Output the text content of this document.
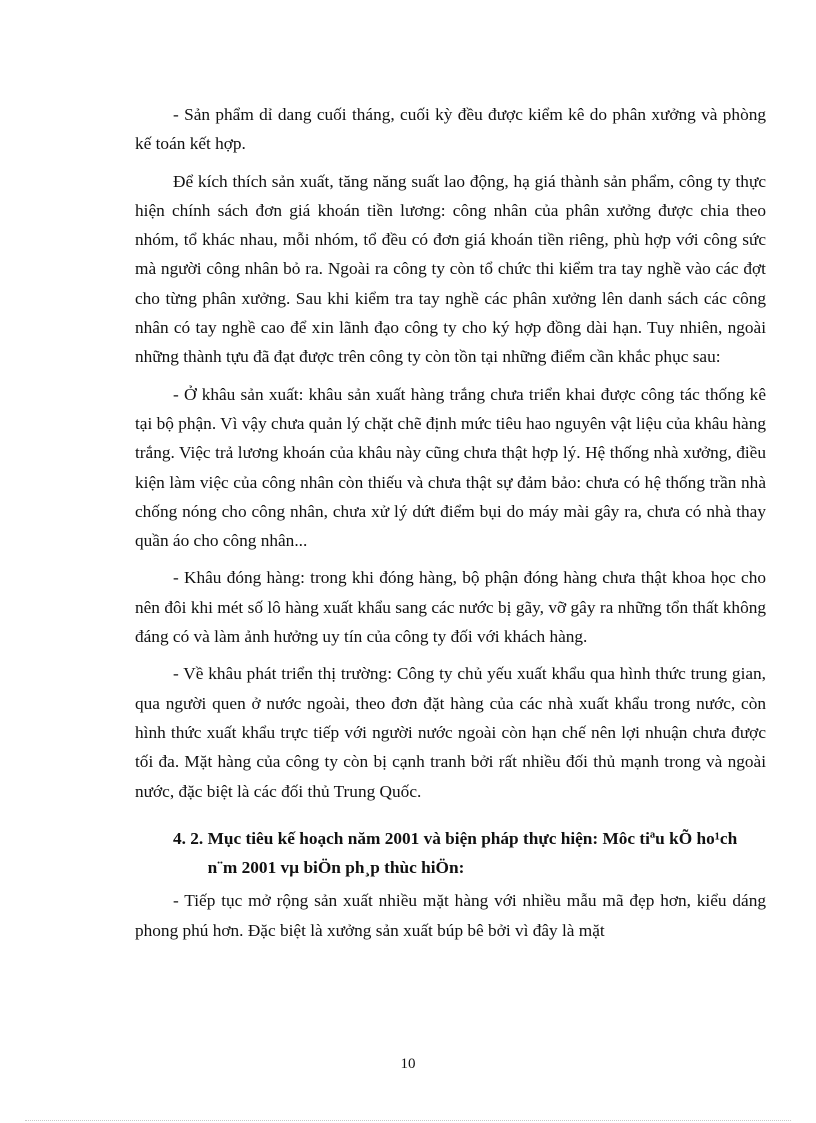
- Sản phẩm dỉ dang cuối tháng, cuối kỳ đều được kiểm kê do phân xưởng và phòng kế toán kết hợp.

Để kích thích sản xuất, tăng năng suất lao động, hạ giá thành sản phẩm, công ty thực hiện chính sách đơn giá khoán tiền lương: công nhân của phân xưởng được chia theo nhóm, tổ khác nhau, mỗi nhóm, tổ đều có đơn giá khoán tiền riêng, phù hợp với công sức mà người công nhân bỏ ra. Ngoài ra công ty còn tổ chức thi kiểm tra tay nghề vào các đợt cho từng phân xưởng. Sau khi kiểm tra tay nghề các phân xưởng lên danh sách các công nhân có tay nghề cao để xin lãnh đạo công ty cho ký hợp đồng dài hạn. Tuy nhiên, ngoài những thành tựu đã đạt được trên công ty còn tồn tại những điểm cần khắc phục sau:

- Ở khâu sản xuất: khâu sản xuất hàng trắng chưa triển khai được công tác thống kê tại bộ phận. Vì vậy chưa quản lý chặt chẽ định mức tiêu hao nguyên vật liệu của khâu hàng trắng. Việc trả lương khoán của khâu này cũng chưa thật hợp lý. Hệ thống nhà xưởng, điều kiện làm việc của công nhân còn thiếu và chưa thật sự đảm bảo: chưa có hệ thống trần nhà chống nóng cho công nhân, chưa xử lý dứt điểm bụi do máy mài gây ra, chưa có nhà thay quần áo cho công nhân...

- Khâu đóng hàng: trong khi đóng hàng, bộ phận đóng hàng chưa thật khoa học cho nên đôi khi mét số lô hàng xuất khẩu sang các nước bị gãy, vỡ gây ra những tổn thất không đáng có và làm ảnh hưởng uy tín của công ty đối với khách hàng.

- Về khâu phát triển thị trường: Công ty chủ yếu xuất khẩu qua hình thức trung gian, qua người quen ở nước ngoài, theo đơn đặt hàng của các nhà xuất khẩu trong nước, còn hình thức xuất khẩu trực tiếp với người nước ngoài còn hạn chế nên lợi nhuận chưa được tối đa. Mặt hàng của công ty còn bị cạnh tranh bởi rất nhiều đối thủ mạnh trong và ngoài nước, đặc biệt là các đối thủ Trung Quốc.

4. 2. Mục tiêu kế hoạch năm 2001 và biện pháp thực hiện: Môc tiªu kÕ ho¹ch n¨m 2001 vµ biÖn ph¸p thùc hiÖn:

- Tiếp tục mở rộng sản xuất nhiều mặt hàng với nhiều mẫu mã đẹp hơn, kiểu dáng phong phú hơn. Đặc biệt là xưởng sản xuất búp bê bởi vì đây là mặt

10
